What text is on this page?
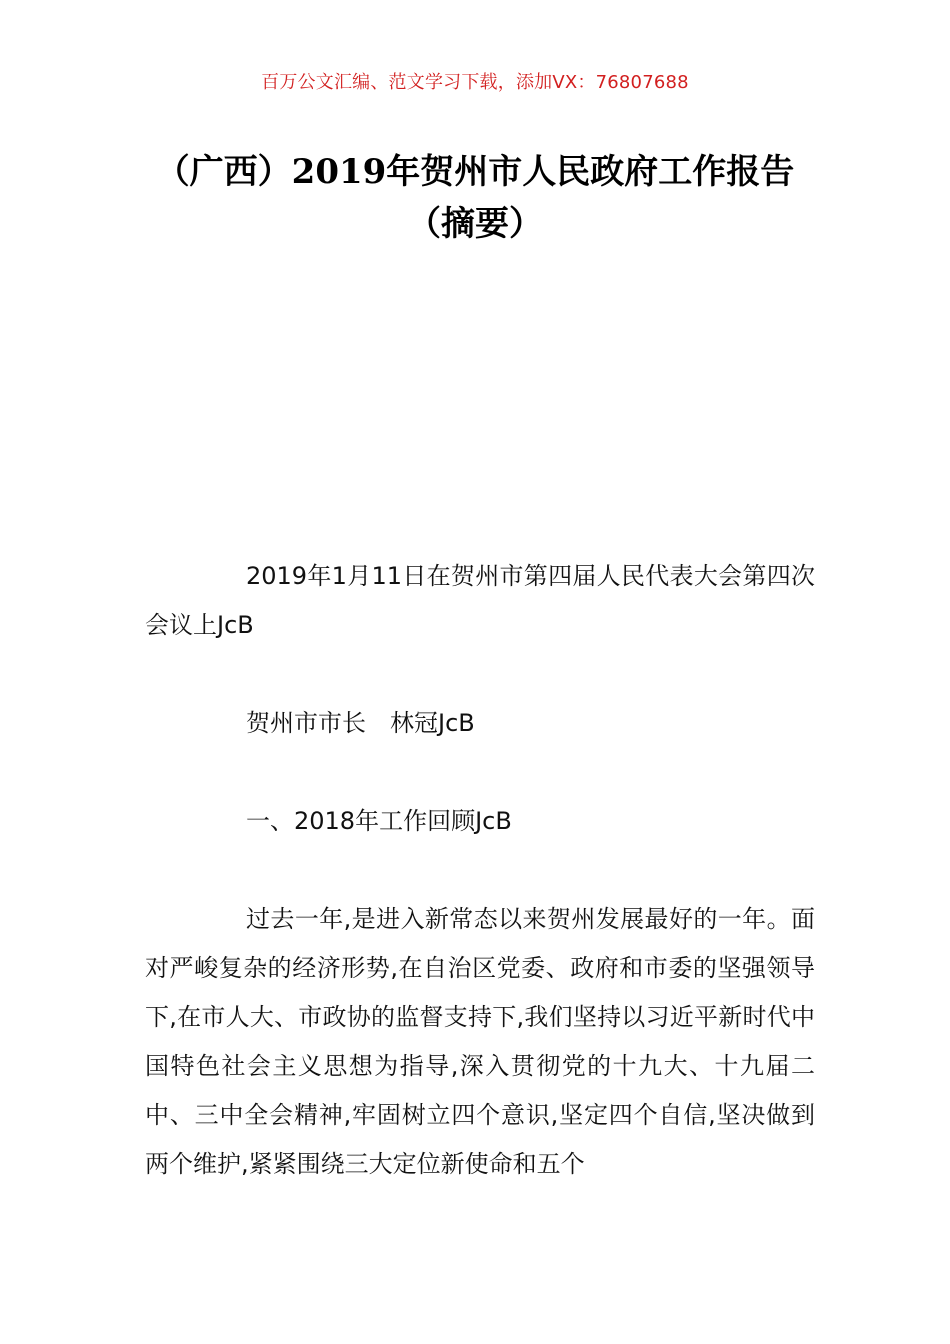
百万公文汇编、范文学习下载，添加VX：76807688
（广西）2019年贺州市人民政府工作报告
（摘要）

2019年1月11日在贺州市第四届人民代表大会第四次会议上JcB

贺州市市长　林冠JcB

一、2018年工作回顾JcB

过去一年,是进入新常态以来贺州发展最好的一年。面对严峻复杂的经济形势,在自治区党委、政府和市委的坚强领导下,在市人大、市政协的监督支持下,我们坚持以习近平新时代中国特色社会主义思想为指导,深入贯彻党的十九大、十九届二中、三中全会精神,牢固树立四个意识,坚定四个自信,坚决做到两个维护,紧紧围绕三大定位新使命和五个
